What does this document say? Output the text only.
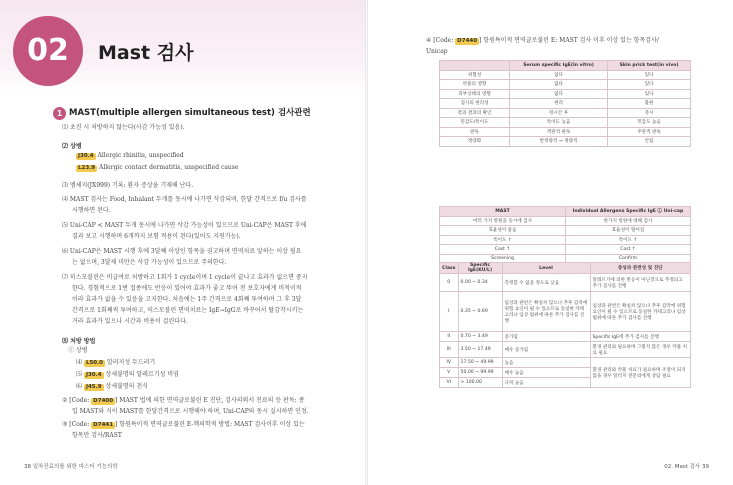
02	Mast 검사
1 MAST(multiple allergen simultaneous test) 검사관련
⑴ 초진 시 처방하지 않는다(사감 가능성 있음).
⑵ 상병
J30.4 Allergic rhinitis, unspecified
L23.9 Allergic contact dermatitis, unspecified cause
⑶ 엠세지(JX999) 기록: 환자 증상을 기재해 난다.
⑷ MAST 검사는 Food, Inhalant 두개를 동시에 나가면 삭감되며, 한달 간격으로 f/u 검사를
시행하면 된다.
⑸ Uni-CAP < MAST 두개 동시에 나가면 삭감 가능성이 있으므로 Uni-CAP은 MAST 후에
결과 보고 시행하며 6개까지 보험 적용이 된다(있어도 지원가능).
⑹ Uni-CAP은 MAST 시행 후에 3달째 이상인 항목을 권고하며 면역치료 앞하는 이상 필요
는 없으며, 3달제 미만은 삭감 가능성이 있으므로 주의한다.
⑺ 히스모블린은 비급여로 처방하고 1회가 1 cycle이며 1 cycle이 끝나고 효과가 없으면 중지
한다. 경험적으로 1번 접종에도 반응이 있어야 효과가 좋고 뚜어 전 보호자에게 비적이적
이라 효과가 없을 수 있음을 고지한다. 처음에는 1주 간격으로 4회째 투여하며 그 후 3달
간격으로 1회째씩 투여하고, 히스모블린 면역치료는 IgE→IgG로 바꾸어서 탈감작시키는
거라 효과가 있으나 시간과 비용이 걸린다다.
⑻ 처방 방법
① 상병
⑷ L50.0 알러지성 두드러기
⑸ J30.4 상세불명의 알레르기성 비염
⑹ J45.9 상세불명의 천식
② [Code: D7400 ] MAST 법에 의한 면역글로불린 E 진단, 검사의뢰서 진료의 등 판독: 종
입 MAST와 식이 MAST를 한달간격으로 시행해야 하며, Uni-CAP와 동시 실시하면 인정.
③ [Code: D7441 ] 항원특이적 면역글로불린 E-핵의학적 방법: MAST 검사이후 이상 있는
항목만 검사/RAST
38 일차진료의를 위한 마스터 기능의학
④ [Code: D7440 ] 항원특이적 면역글로불린 E: MAST 검사 이후 이상 있는 항목검사/
Unicap
	Serum specific IgE(In vitro)	Skin prick test(in vivo)
위험성	없다	있다
약물의 영향	없다	있다
피부상태의 영향	없다	있다
검사의 편리성	편리	불편
결과 결과의 확인	정시간 후	즉시
민감도/특이도	특이도 높음	민감도 높음
판독	객관적 판독	주관적 판독
정량화	반정량적 → 정량적	안됨
MAST	Individual Allergens Specific IgE ⓘ Uni-cap
여러 가지 항원을 동시에 검사	한가지 항원에 대해 검사
효율성이 좋음	효율성이 떨어짐
특이도 ↑	특이도 ↑
Cost ↑	Cost ↑
Screening	Confirm
Class	Specific IgE(KU/L)	Level	증상과 관련성 및 진단
0	0.00 ~ 0.34	측정할 수 없을 정도로 낮음	알레르기에 의한 반응이 아닌것으로 추정되고 추가 검사를 진행
I	0.35 ~ 0.69	임상과 관련은 확실치 않으나 추후 감작에 위험 요인이 될 수 있으므로 동일한 카테고리나 임상 범위에 따른 추가 검사를 진행	임상과 관련은 확실치 않으나 추후 감작에 위험 요인이 될 수 있으므로 동일한 카테고리나 임상 범위에 따른 추가 검사를 진행
II	0.70 ~ 3.49	증가됨	Specific IgE에 추가 검사를 진행
III	3.50 ~ 17.49	매우 증가됨	환경 관리와 필요하며 그렇지 않은 경우 약물 치료 필요
IV	17.50 ~ 49.99	높음	환경 관리와 약물 치료가 필요하며 조절이 되지 않을 경우 알러지 전문의에게 상담 필요
V	50.00 ~ 99.99	매우 높음	
VI	> 100.00	극히 높음	
02. Mast 검사 39
